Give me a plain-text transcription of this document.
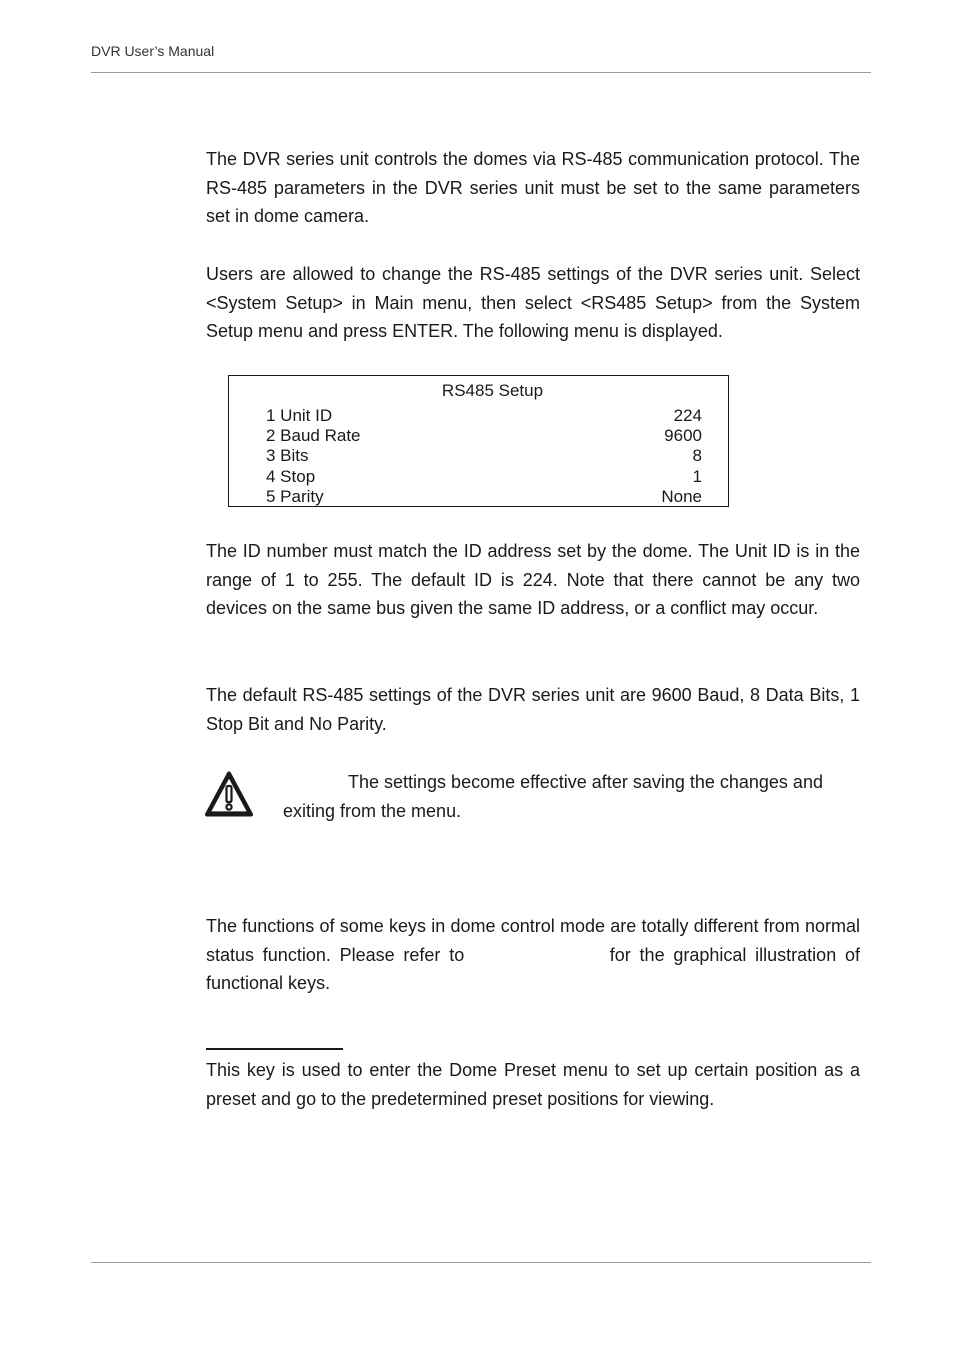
DVR User’s Manual

The DVR series unit controls the domes via RS-485 communication protocol. The RS-485 parameters in the DVR series unit must be set to the same parameters set in dome camera.

Users are allowed to change the RS-485 settings of the DVR series unit. Select <System Setup> in Main menu, then select <RS485 Setup> from the System Setup menu and press ENTER. The following menu is displayed.

RS485 Setup
1 Unit ID	224
2 Baud Rate	9600
3 Bits	8
4 Stop	1
5 Parity	None

The ID number must match the ID address set by the dome. The Unit ID is in the range of 1 to 255. The default ID is 224. Note that there cannot be any two devices on the same bus given the same ID address, or a conflict may occur.

The default RS-485 settings of the DVR series unit are 9600 Baud, 8 Data Bits, 1 Stop Bit and No Parity.

The settings become effective after saving the changes and
exiting from the menu.

The functions of some keys in dome control mode are totally different from normal status function. Please refer to	for the graphical illustration of functional keys.

This key is used to enter the Dome Preset menu to set up certain position as a preset and go to the predetermined preset positions for viewing.
